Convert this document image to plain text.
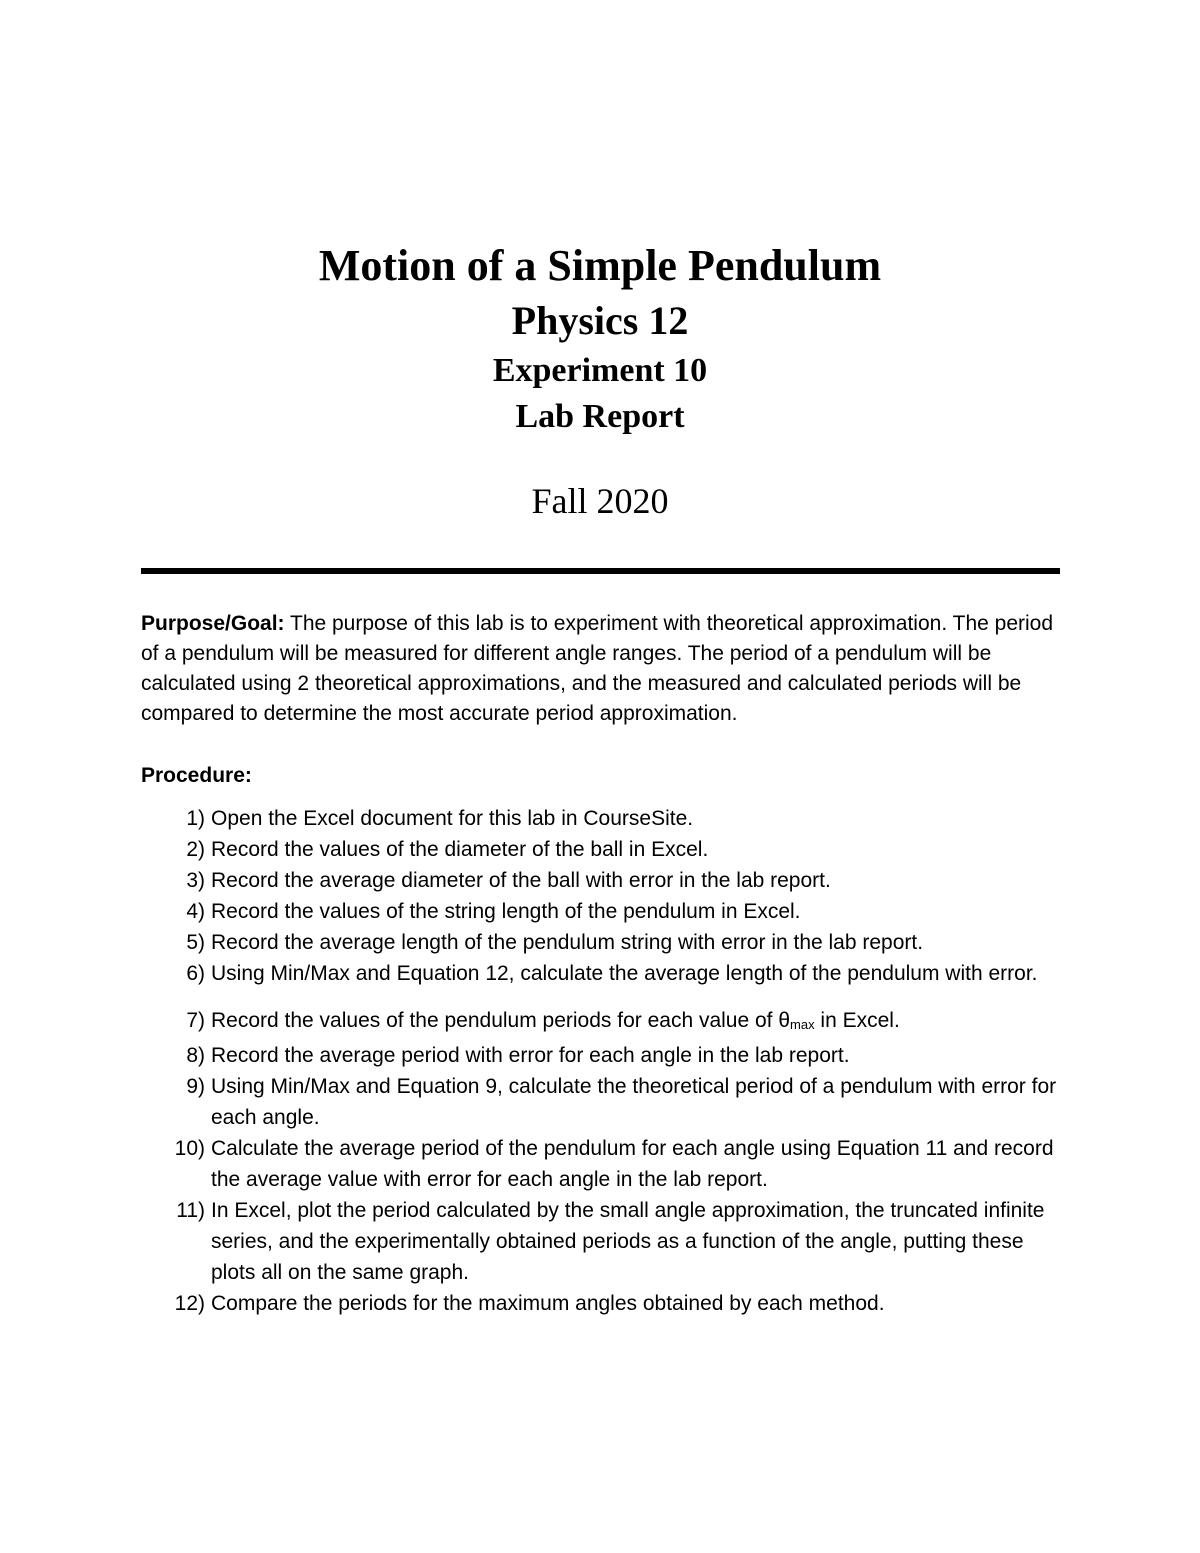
Motion of a Simple Pendulum

Physics 12

Experiment 10

Lab Report

Fall 2020

Purpose/Goal: The purpose of this lab is to experiment with theoretical approximation. The period of a pendulum will be measured for different angle ranges. The period of a pendulum will be calculated using 2 theoretical approximations, and the measured and calculated periods will be compared to determine the most accurate period approximation.

Procedure:

1) Open the Excel document for this lab in CourseSite.
2) Record the values of the diameter of the ball in Excel.
3) Record the average diameter of the ball with error in the lab report.
4) Record the values of the string length of the pendulum in Excel.
5) Record the average length of the pendulum string with error in the lab report.
6) Using Min/Max and Equation 12, calculate the average length of the pendulum with error.
7) Record the values of the pendulum periods for each value of $\theta_{max}$ in Excel.
8) Record the average period with error for each angle in the lab report.
9) Using Min/Max and Equation 9, calculate the theoretical period of a pendulum with error for each angle.
10) Calculate the average period of the pendulum for each angle using Equation 11 and record the average value with error for each angle in the lab report.
11) In Excel, plot the period calculated by the small angle approximation, the truncated infinite series, and the experimentally obtained periods as a function of the angle, putting these plots all on the same graph.
12) Compare the periods for the maximum angles obtained by each method.
